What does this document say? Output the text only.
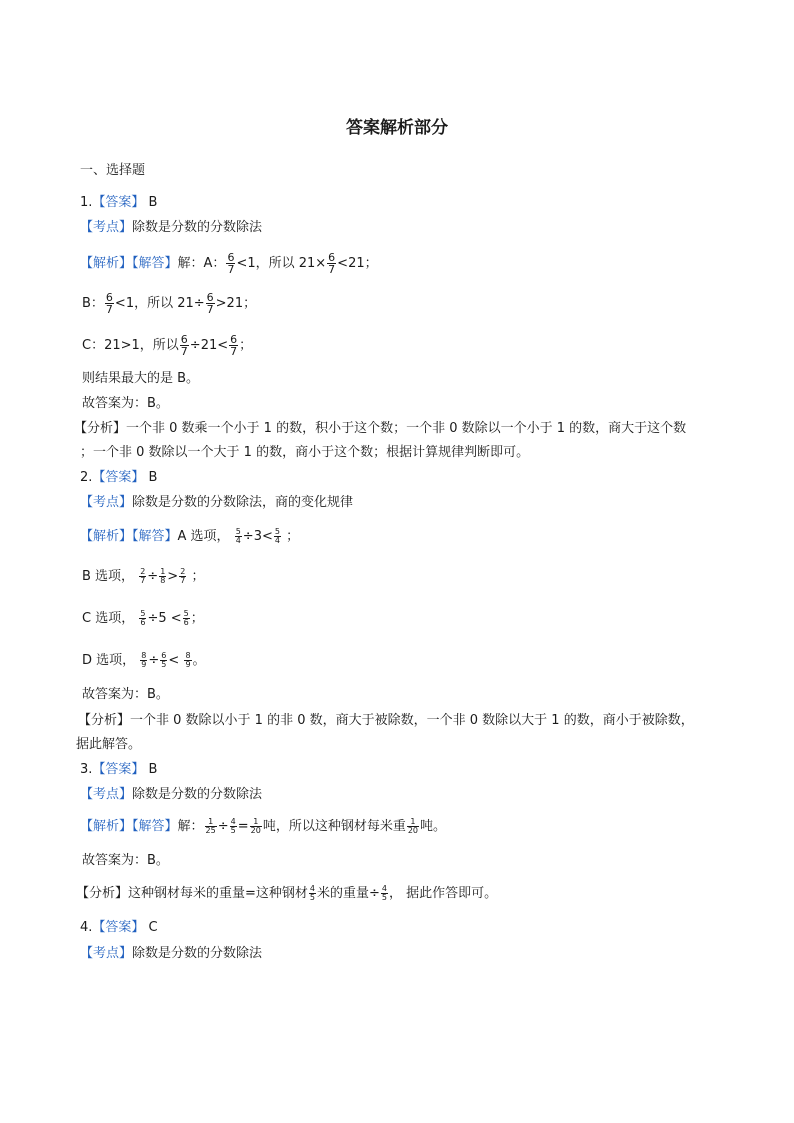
答案解析部分
一、选择题
1.【答案】 B
【考点】除数是分数的分数除法
【解析】【解答】解：A： $\frac{6}{7} <1$，所以 $21\times \frac{6}{7} <21$；
B： $\frac{6}{7} <1$，所以 $21\div \frac{6}{7} >21$；
C：21>1，所以 $\frac{6}{7} \div 21< \frac{6}{7}$ ；
则结果最大的是 B。
故答案为：B。
【分析】一个非 0 数乘一个小于 1 的数，积小于这个数；一个非 0 数除以一个小于 1 的数，商大于这个数
；一个非 0 数除以一个大于 1 的数，商小于这个数；根据计算规律判断即可。
2.【答案】 B
【考点】除数是分数的分数除法，商的变化规律
【解析】【解答】A 选项， $\frac{5}{4} \div 3< \frac{5}{4}$ ；
B 选项， $\frac{2}{7} \div \frac{1}{8} > \frac{2}{7}$ ；
C 选项， $\frac{5}{6} \div 5 < \frac{5}{6}$ ；
D 选项， $\frac{8}{9} \div \frac{6}{5} < \frac{8}{9}$ 。
故答案为：B。
【分析】一个非 0 数除以小于 1 的非 0 数，商大于被除数，一个非 0 数除以大于 1 的数，商小于被除数，
据此解答。
3.【答案】 B
【考点】除数是分数的分数除法
【解析】【解答】解： $\frac{1}{25} \div \frac{4}{5} = \frac{1}{20}$ 吨，所以这种钢材每米重 $\frac{1}{20}$ 吨。
故答案为：B。
【分析】这种钢材每米的重量=这种钢材 $\frac{4}{5}$ 米的重量÷ $\frac{4}{5}$ ， 据此作答即可。
4.【答案】 C
【考点】除数是分数的分数除法
